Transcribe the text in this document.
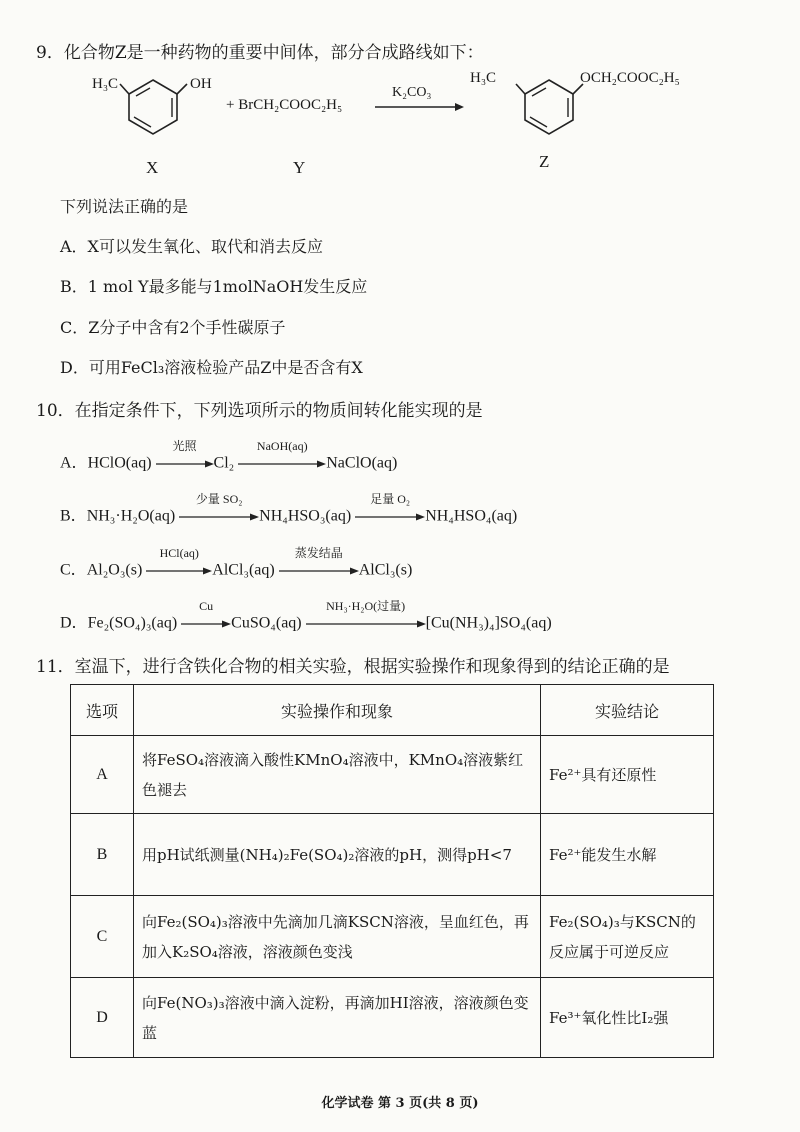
9．化合物Z是一种药物的重要中间体，部分合成路线如下：
H₃C	OH
+ BrCH₂COOC₂H₅
K₂CO₃
H₃C	OCH₂COOC₂H₅
X	Y	Z
下列说法正确的是
A．X可以发生氧化、取代和消去反应
B．1 mol Y最多能与1molNaOH发生反应
C．Z分子中含有2个手性碳原子
D．可用FeCl₃溶液检验产品Z中是否含有X
10．在指定条件下，下列选项所示的物质间转化能实现的是
A．HClO(aq)
光照
Cl₂
NaOH(aq)
NaClO(aq)
B．NH₃·H₂O(aq)
少量 SO₂
NH₄HSO₃(aq)
足量 O₂
NH₄HSO₄(aq)
C．Al₂O₃(s)
HCl(aq)
AlCl₃(aq)
蒸发结晶
AlCl₃(s)
D．Fe₂(SO₄)₃(aq)
Cu
CuSO₄(aq)
NH₃·H₂O(过量)
[Cu(NH₃)₄]SO₄(aq)
11．室温下，进行含铁化合物的相关实验，根据实验操作和现象得到的结论正确的是
选项	实验操作和现象	实验结论
A	将FeSO₄溶液滴入酸性KMnO₄溶液中，KMnO₄溶液紫红色褪去	Fe²⁺具有还原性
B	用pH试纸测量(NH₄)₂Fe(SO₄)₂溶液的pH，测得pH<7	Fe²⁺能发生水解
C	向Fe₂(SO₄)₃溶液中先滴加几滴KSCN溶液，呈血红色，再加入K₂SO₄溶液，溶液颜色变浅	Fe₂(SO₄)₃与KSCN的反应属于可逆反应
D	向Fe(NO₃)₃溶液中滴入淀粉，再滴加HI溶液，溶液颜色变蓝	Fe³⁺氧化性比I₂强
化学试卷 第 3 页(共 8 页)
